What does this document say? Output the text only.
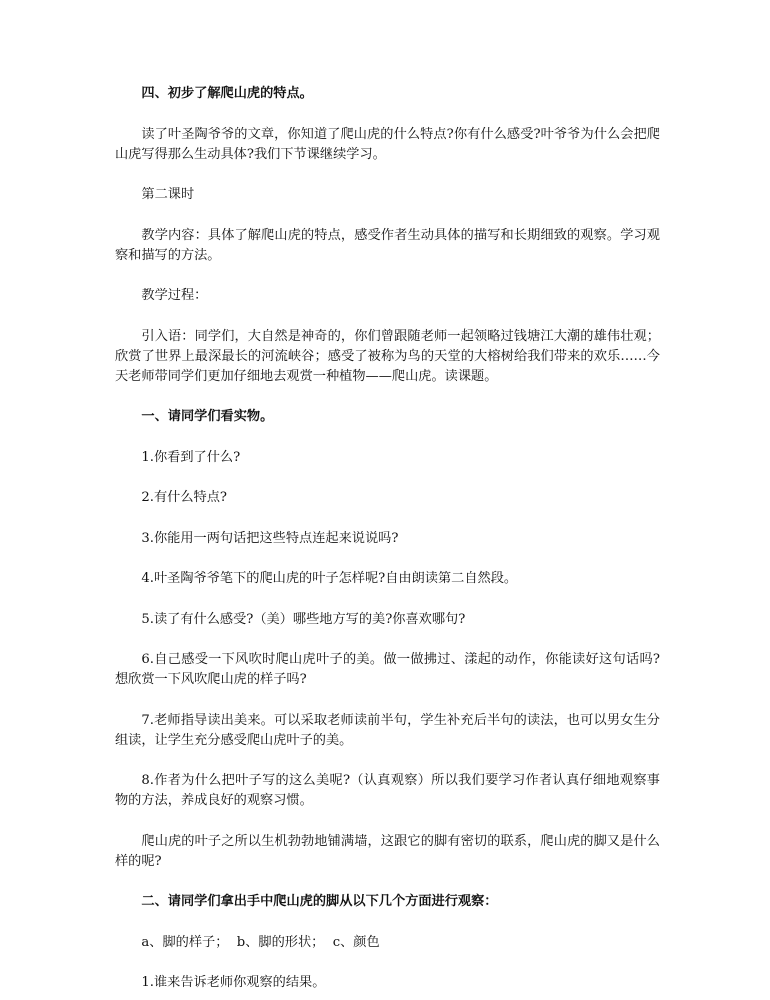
四、初步了解爬山虎的特点。

读了叶圣陶爷爷的文章，你知道了爬山虎的什么特点?你有什么感受?叶爷爷为什么会把爬山虎写得那么生动具体?我们下节课继续学习。

第二课时

教学内容：具体了解爬山虎的特点，感受作者生动具体的描写和长期细致的观察。学习观察和描写的方法。

教学过程：

引入语：同学们，大自然是神奇的，你们曾跟随老师一起领略过钱塘江大潮的雄伟壮观；欣赏了世界上最深最长的河流峡谷；感受了被称为鸟的天堂的大榕树给我们带来的欢乐……今天老师带同学们更加仔细地去观赏一种植物——爬山虎。读课题。

一、请同学们看实物。

1.你看到了什么?

2.有什么特点?

3.你能用一两句话把这些特点连起来说说吗?

4.叶圣陶爷爷笔下的爬山虎的叶子怎样呢?自由朗读第二自然段。

5.读了有什么感受?（美）哪些地方写的美?你喜欢哪句?

6.自己感受一下风吹时爬山虎叶子的美。做一做拂过、漾起的动作，你能读好这句话吗?想欣赏一下风吹爬山虎的样子吗?

7.老师指导读出美来。可以采取老师读前半句，学生补充后半句的读法，也可以男女生分组读，让学生充分感受爬山虎叶子的美。

8.作者为什么把叶子写的这么美呢?（认真观察）所以我们要学习作者认真仔细地观察事物的方法，养成良好的观察习惯。

爬山虎的叶子之所以生机勃勃地铺满墙，这跟它的脚有密切的联系，爬山虎的脚又是什么样的呢?

二、请同学们拿出手中爬山虎的脚从以下几个方面进行观察：

a、脚的样子；  b、脚的形状；  c、颜色

1.谁来告诉老师你观察的结果。
